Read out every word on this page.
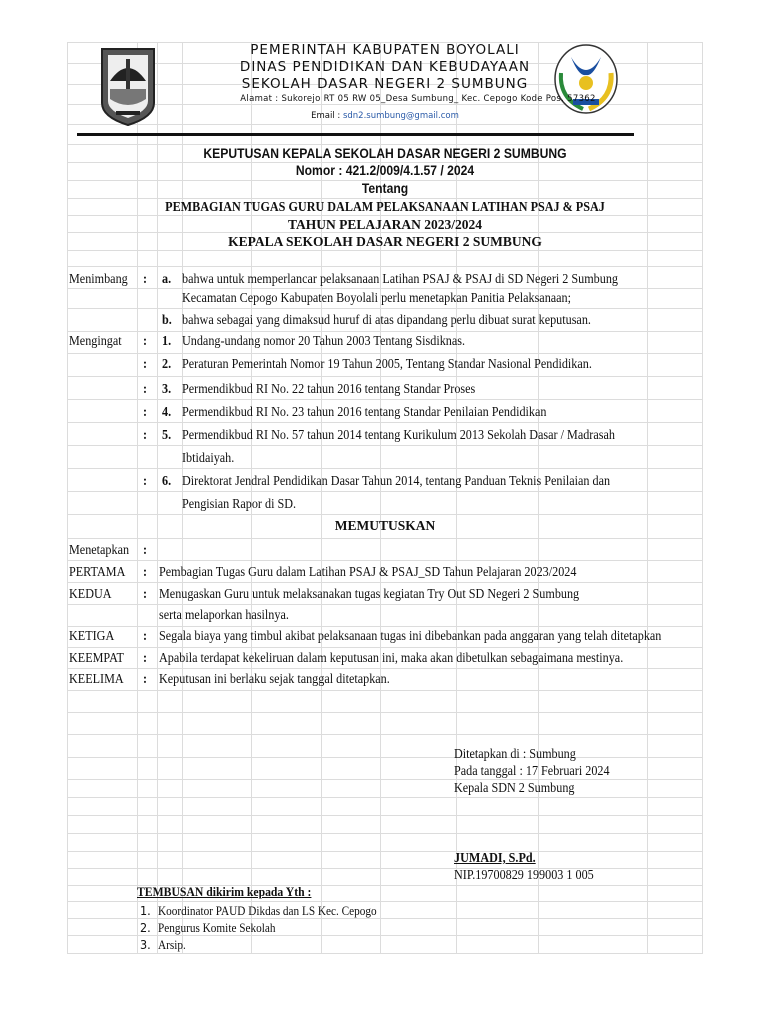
PEMERINTAH KABUPATEN BOYOLALI
DINAS PENDIDIKAN DAN KEBUDAYAAN
SEKOLAH DASAR NEGERI 2 SUMBUNG
Alamat : Sukorejo RT 05 RW 05_Desa Sumbung_ Kec. Cepogo Kode Pos. 57362
Email : sdn2.sumbung@gmail.com
KEPUTUSAN KEPALA SEKOLAH DASAR NEGERI 2 SUMBUNG
Nomor : 421.2/009/4.1.57 / 2024
Tentang
PEMBAGIAN TUGAS GURU DALAM PELAKSANAAN LATIHAN PSAJ & PSAJ
TAHUN PELAJARAN 2023/2024
KEPALA SEKOLAH DASAR NEGERI 2 SUMBUNG
Menimbang : a. bahwa untuk memperlancar pelaksanaan Latihan PSAJ & PSAJ di SD Negeri 2 Sumbung
Kecamatan Cepogo Kabupaten Boyolali perlu menetapkan Panitia Pelaksanaan;
b. bahwa sebagai yang dimaksud huruf di atas dipandang perlu dibuat surat keputusan.
Mengingat : 1. Undang-undang nomor 20 Tahun 2003 Tentang Sisdiknas.
: 2. Peraturan Pemerintah Nomor 19 Tahun 2005, Tentang Standar Nasional Pendidikan.
: 3. Permendikbud RI No. 22 tahun 2016 tentang Standar Proses
: 4. Permendikbud RI No. 23 tahun 2016 tentang Standar Penilaian Pendidikan
: 5. Permendikbud RI No. 57 tahun 2014 tentang Kurikulum 2013 Sekolah Dasar / Madrasah
Ibtidaiyah.
: 6. Direktorat Jendral Pendidikan Dasar Tahun 2014, tentang Panduan Teknis Penilaian dan
Pengisian Rapor di SD.
Menetapkan :
PERTAMA : Pembagian Tugas Guru dalam Latihan PSAJ & PSAJ_SD Tahun Pelajaran 2023/2024
KEDUA : Menugaskan Guru untuk melaksanakan tugas kegiatan Try Out SD Negeri 2 Sumbung
serta melaporkan hasilnya.
KETIGA : Segala biaya yang timbul akibat pelaksanaan tugas ini dibebankan pada anggaran yang telah ditetapkan
KEEMPAT : Apabila terdapat kekeliruan dalam keputusan ini, maka akan dibetulkan sebagaimana mestinya.
KEELIMA : Keputusan ini berlaku sejak tanggal ditetapkan.
1. Koordinator PAUD Dikdas dan LS Kec. Cepogo
2. Pengurus Komite Sekolah
3. Arsip.
MEMUTUSKAN
Ditetapkan di : Sumbung
Pada tanggal : 17 Februari 2024
Kepala SDN 2 Sumbung
JUMADI, S.Pd.
NIP.19700829 199003 1 005
TEMBUSAN dikirim kepada Yth :
